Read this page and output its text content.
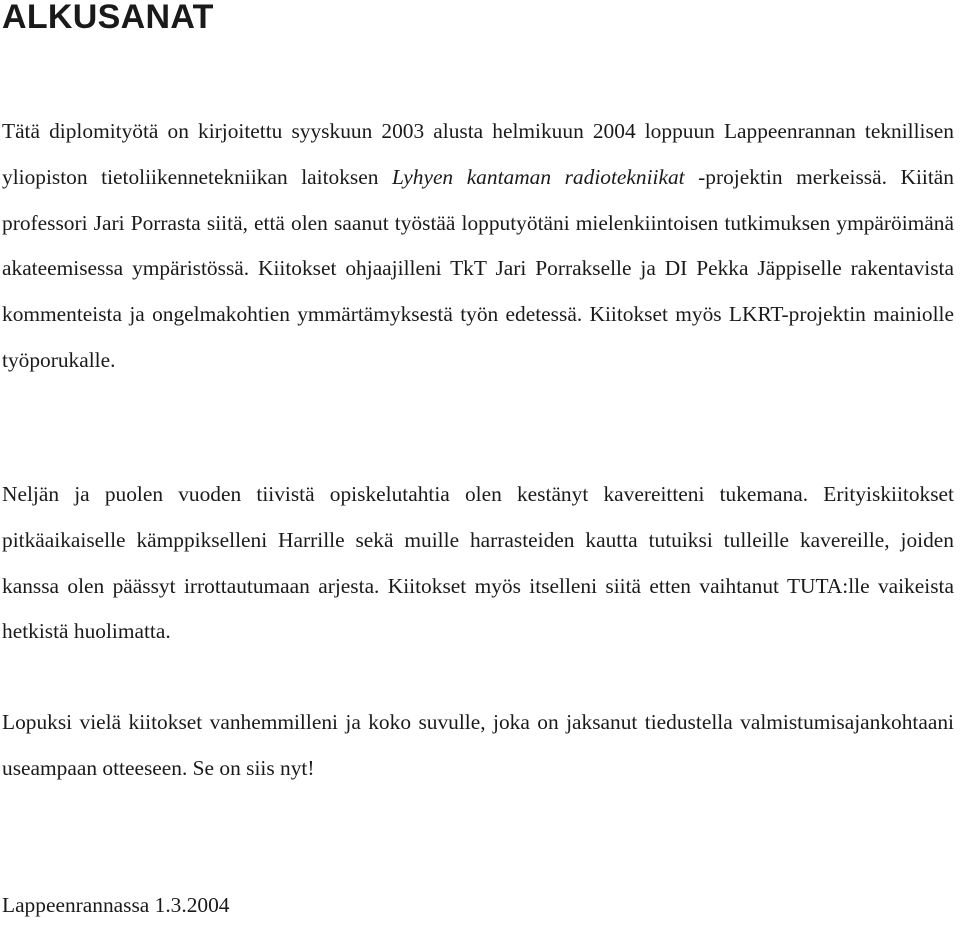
ALKUSANAT

Tätä diplomityötä on kirjoitettu syyskuun 2003 alusta helmikuun 2004 loppuun Lappeenrannan teknillisen yliopiston tietoliikennetekniikan laitoksen Lyhyen kantaman radiotekniikat -projektin merkeissä. Kiitän professori Jari Porrasta siitä, että olen saanut työstää lopputyötäni mielenkiintoisen tutkimuksen ympäröimänä akateemisessa ympäristössä. Kiitokset ohjaajilleni TkT Jari Porrakselle ja DI Pekka Jäppiselle rakentavista kommenteista ja ongelmakohtien ymmärtämyksestä työn edetessä. Kiitokset myös LKRT-projektin mainiolle työporukalle.

Neljän ja puolen vuoden tiivistä opiskelutahtia olen kestänyt kavereitteni tukemana. Erityiskiitokset pitkäaikaiselle kämppikselleni Harrille sekä muille harrasteiden kautta tutuiksi tulleille kavereille, joiden kanssa olen päässyt irrottautumaan arjesta. Kiitokset myös itselleni siitä etten vaihtanut TUTA:lle vaikeista hetkistä huolimatta.

Lopuksi vielä kiitokset vanhemmilleni ja koko suvulle, joka on jaksanut tiedustella valmistumisajankohtaani useampaan otteeseen. Se on siis nyt!

Lappeenrannassa 1.3.2004
